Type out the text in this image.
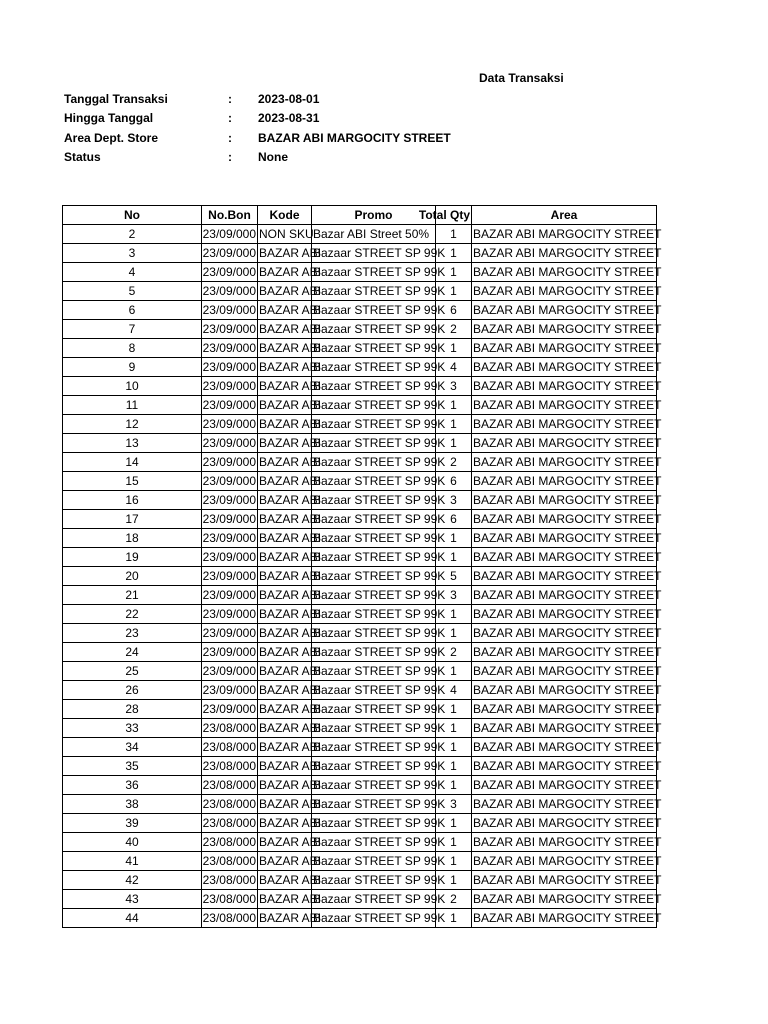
Data Transaksi
Tanggal Transaksi	: 2023-08-01
Hingga Tanggal	: 2023-08-31
Area Dept. Store	: BAZAR ABI MARGOCITY STREET
Status	: None
No	No.Bon	Kode	Promo	Total Qty	Area
2	23/09/000	NON SKU	Bazar ABI Street 50%	1	BAZAR ABI MARGOCITY STREET
3	23/09/000	BAZAR ABI	Bazaar STREET SP 99K	1	BAZAR ABI MARGOCITY STREET
4	23/09/000	BAZAR ABI	Bazaar STREET SP 99K	1	BAZAR ABI MARGOCITY STREET
5	23/09/000	BAZAR ABI	Bazaar STREET SP 99K	1	BAZAR ABI MARGOCITY STREET
6	23/09/000	BAZAR ABI	Bazaar STREET SP 99K	6	BAZAR ABI MARGOCITY STREET
7	23/09/000	BAZAR ABI	Bazaar STREET SP 99K	2	BAZAR ABI MARGOCITY STREET
8	23/09/000	BAZAR ABI	Bazaar STREET SP 99K	1	BAZAR ABI MARGOCITY STREET
9	23/09/000	BAZAR ABI	Bazaar STREET SP 99K	4	BAZAR ABI MARGOCITY STREET
10	23/09/000	BAZAR ABI	Bazaar STREET SP 99K	3	BAZAR ABI MARGOCITY STREET
11	23/09/000	BAZAR ABI	Bazaar STREET SP 99K	1	BAZAR ABI MARGOCITY STREET
12	23/09/000	BAZAR ABI	Bazaar STREET SP 99K	1	BAZAR ABI MARGOCITY STREET
13	23/09/000	BAZAR ABI	Bazaar STREET SP 99K	1	BAZAR ABI MARGOCITY STREET
14	23/09/000	BAZAR ABI	Bazaar STREET SP 99K	2	BAZAR ABI MARGOCITY STREET
15	23/09/000	BAZAR ABI	Bazaar STREET SP 99K	6	BAZAR ABI MARGOCITY STREET
16	23/09/000	BAZAR ABI	Bazaar STREET SP 99K	3	BAZAR ABI MARGOCITY STREET
17	23/09/000	BAZAR ABI	Bazaar STREET SP 99K	6	BAZAR ABI MARGOCITY STREET
18	23/09/000	BAZAR ABI	Bazaar STREET SP 99K	1	BAZAR ABI MARGOCITY STREET
19	23/09/000	BAZAR ABI	Bazaar STREET SP 99K	1	BAZAR ABI MARGOCITY STREET
20	23/09/000	BAZAR ABI	Bazaar STREET SP 99K	5	BAZAR ABI MARGOCITY STREET
21	23/09/000	BAZAR ABI	Bazaar STREET SP 99K	3	BAZAR ABI MARGOCITY STREET
22	23/09/000	BAZAR ABI	Bazaar STREET SP 99K	1	BAZAR ABI MARGOCITY STREET
23	23/09/000	BAZAR ABI	Bazaar STREET SP 99K	1	BAZAR ABI MARGOCITY STREET
24	23/09/000	BAZAR ABI	Bazaar STREET SP 99K	2	BAZAR ABI MARGOCITY STREET
25	23/09/000	BAZAR ABI	Bazaar STREET SP 99K	1	BAZAR ABI MARGOCITY STREET
26	23/09/000	BAZAR ABI	Bazaar STREET SP 99K	4	BAZAR ABI MARGOCITY STREET
28	23/09/000	BAZAR ABI	Bazaar STREET SP 99K	1	BAZAR ABI MARGOCITY STREET
33	23/08/000	BAZAR ABI	Bazaar STREET SP 99K	1	BAZAR ABI MARGOCITY STREET
34	23/08/000	BAZAR ABI	Bazaar STREET SP 99K	1	BAZAR ABI MARGOCITY STREET
35	23/08/000	BAZAR ABI	Bazaar STREET SP 99K	1	BAZAR ABI MARGOCITY STREET
36	23/08/000	BAZAR ABI	Bazaar STREET SP 99K	1	BAZAR ABI MARGOCITY STREET
38	23/08/000	BAZAR ABI	Bazaar STREET SP 99K	3	BAZAR ABI MARGOCITY STREET
39	23/08/000	BAZAR ABI	Bazaar STREET SP 99K	1	BAZAR ABI MARGOCITY STREET
40	23/08/000	BAZAR ABI	Bazaar STREET SP 99K	1	BAZAR ABI MARGOCITY STREET
41	23/08/000	BAZAR ABI	Bazaar STREET SP 99K	1	BAZAR ABI MARGOCITY STREET
42	23/08/000	BAZAR ABI	Bazaar STREET SP 99K	1	BAZAR ABI MARGOCITY STREET
43	23/08/000	BAZAR ABI	Bazaar STREET SP 99K	2	BAZAR ABI MARGOCITY STREET
44	23/08/000	BAZAR ABI	Bazaar STREET SP 99K	1	BAZAR ABI MARGOCITY STREET
